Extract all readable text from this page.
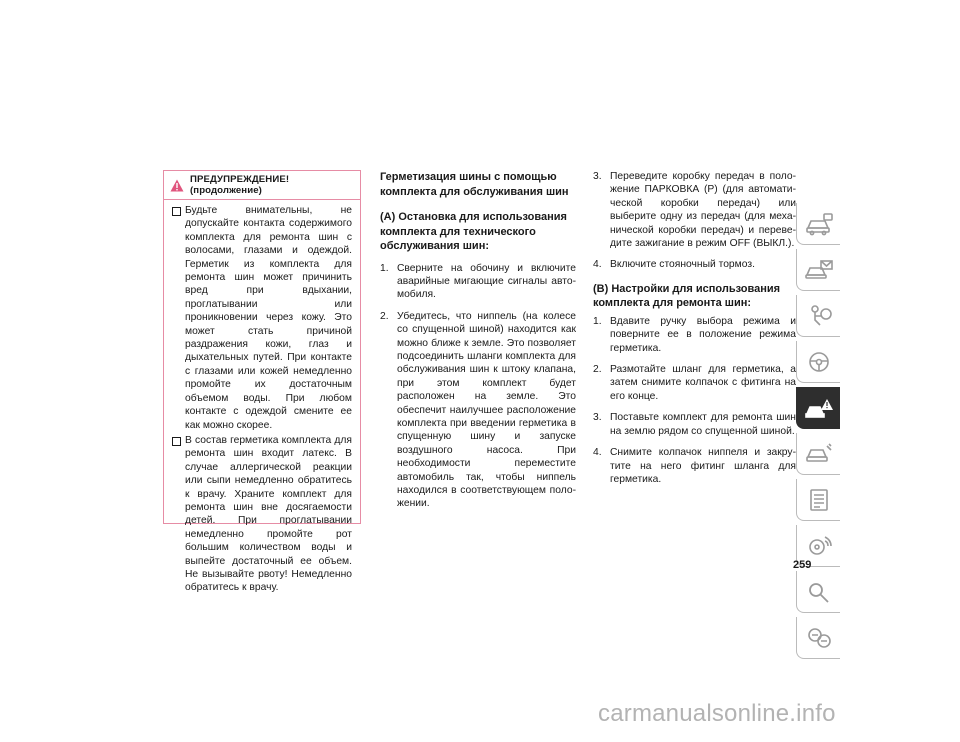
ПРЕДУПРЕЖДЕНИЕ! (продолжение)

Будьте внимательны, не допускайте контакта содержимого комплекта для ремонта шин с волосами, глазами и одеждой. Герметик из комплекта для ремонта шин может причинить вред при вдыхании, проглатывании или проникновении через кожу. Это может стать причиной раздражения кожи, глаз и дыхательных путей. При контакте с глазами или кожей немедленно промойте их достаточным объемом воды. При любом контакте с одеждой смените ее как можно скорее.

В состав герметика комплекта для ремонта шин входит латекс. В случае аллергической реакции или сыпи немедленно обратитесь к врачу. Храните комплект для ремонта шин вне досягаемости детей. При проглатывании немедленно промойте рот большим количеством воды и выпейте достаточный ее объем. Не вызывайте рвоту! Немедленно обратитесь к врачу.

Герметизация шины с помощью комплекта для обслуживания шин
(A) Остановка для использования комплекта для технического обслуживания шин:
1. Сверните на обочину и включите аварийные мигающие сигналы автомобиля.

2. Убедитесь, что ниппель (на колесе со спущенной шиной) находится как можно ближе к земле. Это позволяет подсоединить шланги комплекта для обслуживания шин к штоку клапана, при этом комплект будет расположен на земле. Это обеспечит наилучшее расположение комплекта при введении герметика в спущенную шину и запуске воздушного насоса. При необходимости переместите автомобиль так, чтобы ниппель находился в соответствующем положении.

3. Переведите коробку передач в положение ПАРКОВКА (P) (для автоматической коробки передач) или выберите одну из передач (для механической коробки передач) и переведите зажигание в режим OFF (ВЫКЛ.).

4. Включите стояночный тормоз.

(B) Настройки для использования комплекта для ремонта шин:
1. Вдавите ручку выбора режима и поверните ее в положение режима герметика.

2. Размотайте шланг для герметика, а затем снимите колпачок с фитинга на его конце.

3. Поставьте комплект для ремонта шин на землю рядом со спущенной шиной.

4. Снимите колпачок ниппеля и закрутите на него фитинг шланга для герметика.

259
carmanualsonline.info
